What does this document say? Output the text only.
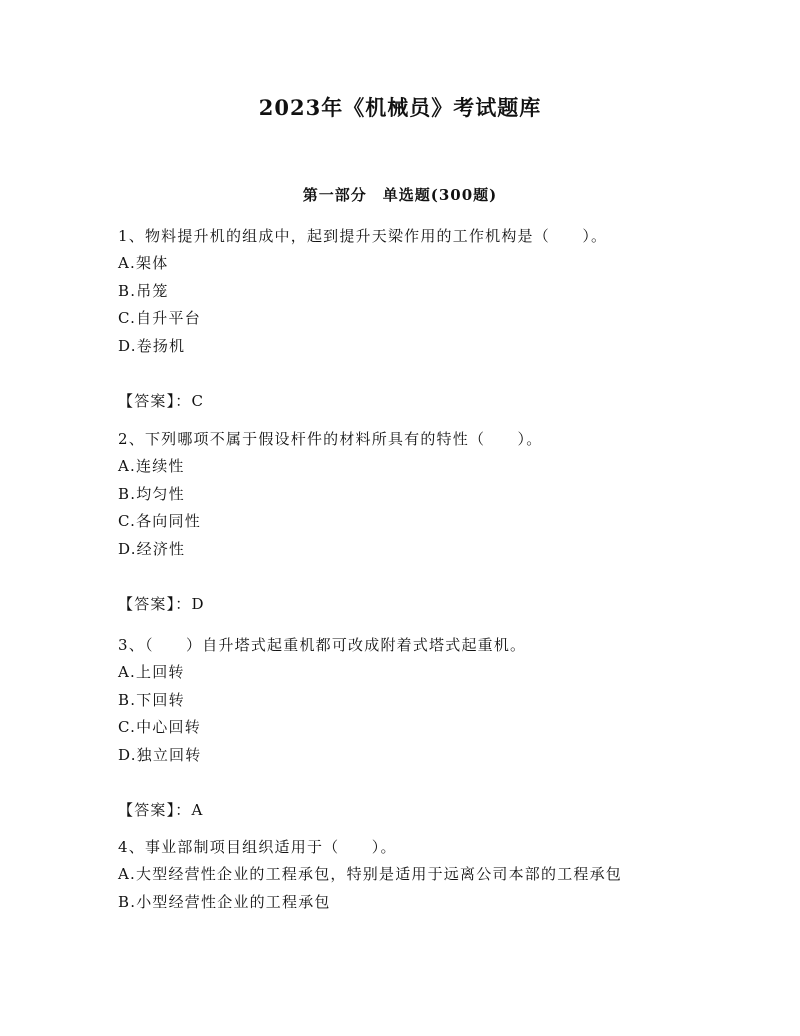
2023年《机械员》考试题库
第一部分　单选题(300题)
1、物料提升机的组成中，起到提升天梁作用的工作机构是（　　）。
A.架体
B.吊笼
C.自升平台
D.卷扬机
【答案】：C
2、下列哪项不属于假设杆件的材料所具有的特性（　　）。
A.连续性
B.均匀性
C.各向同性
D.经济性
【答案】：D
3、（　　）自升塔式起重机都可改成附着式塔式起重机。
A.上回转
B.下回转
C.中心回转
D.独立回转
【答案】：A
4、事业部制项目组织适用于（　　）。
A.大型经营性企业的工程承包，特别是适用于远离公司本部的工程承包
B.小型经营性企业的工程承包
